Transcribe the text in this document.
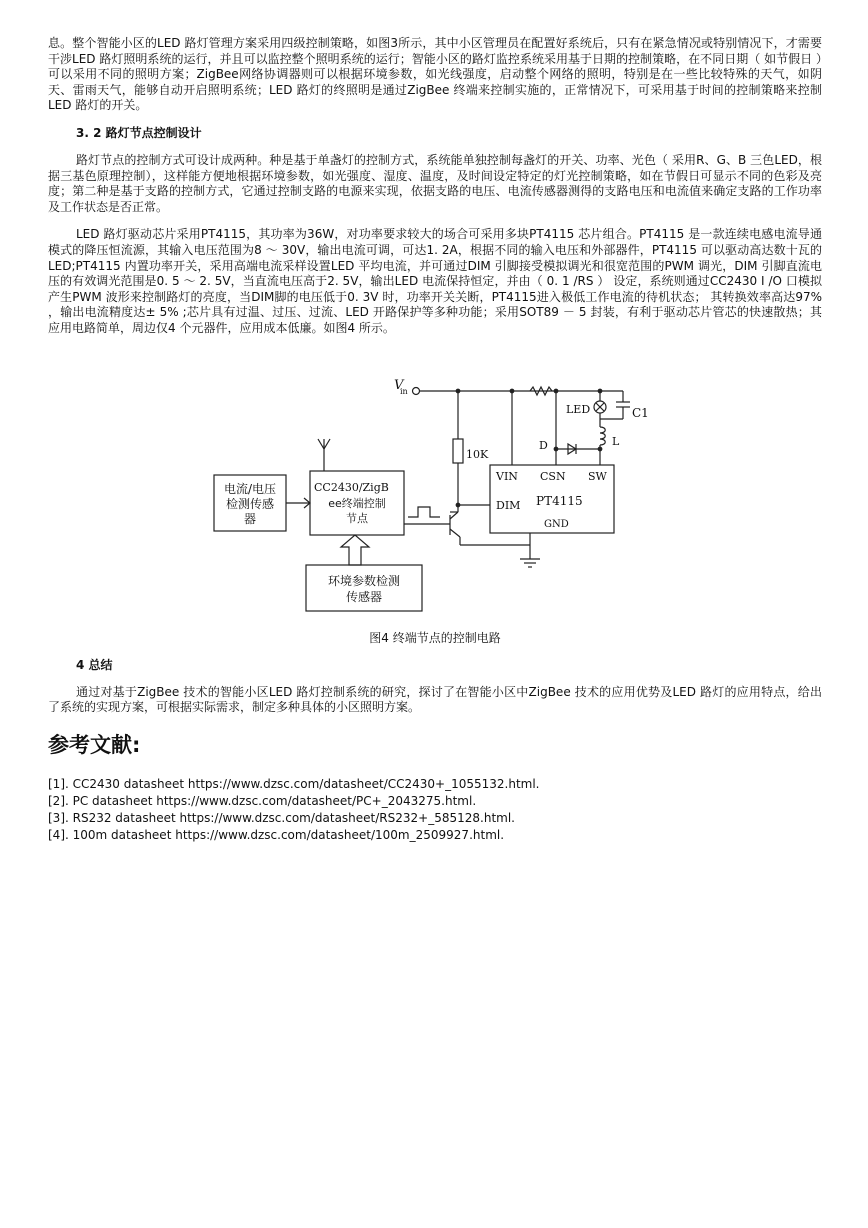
息。整个智能小区的LED 路灯管理方案采用四级控制策略，如图3所示，其中小区管理员在配置好系统后，只有在紧急情况或特别情况下，才需要干涉LED 路灯照明系统的运行，并且可以监控整个照明系统的运行；智能小区的路灯监控系统采用基于日期的控制策略，在不同日期（ 如节假日 ）可以采用不同的照明方案；ZigBee网络协调器则可以根据环境参数，如光线强度，启动整个网络的照明，特别是在一些比较特殊的天气，如阴天、雷雨天气，能够自动开启照明系统；LED 路灯的终照明是通过ZigBee 终端来控制实施的，正常情况下，可采用基于时间的控制策略来控制LED 路灯的开关。

3. 2 路灯节点控制设计

路灯节点的控制方式可设计成两种。种是基于单盏灯的控制方式，系统能单独控制每盏灯的开关、功率、光色（ 采用R、G、B 三色LED，根据三基色原理控制），这样能方便地根据环境参数，如光强度、湿度、温度，及时间设定特定的灯光控制策略，如在节假日可显示不同的色彩及亮度；第二种是基于支路的控制方式，它通过控制支路的电源来实现，依据支路的电压、电流传感器测得的支路电压和电流值来确定支路的工作功率及工作状态是否正常。

LED 路灯驱动芯片采用PT4115，其功率为36W，对功率要求较大的场合可采用多块PT4115 芯片组合。PT4115 是一款连续电感电流导通模式的降压恒流源，其输入电压范围为8 ～ 30V，输出电流可调，可达1. 2A，根据不同的输入电压和外部器件，PT4115 可以驱动高达数十瓦的LED;PT4115 内置功率开关，采用高端电流采样设置LED 平均电流，并可通过DIM 引脚接受模拟调光和很宽范围的PWM 调光，DIM 引脚直流电压的有效调光范围是0. 5 ～ 2. 5V，当直流电压高于2. 5V，输出LED 电流保持恒定，并由（ 0. 1 /RS ） 设定，系统则通过CC2430 I /O 口模拟产生PWM 波形来控制路灯的亮度，当DIM脚的电压低于0. 3V 时，功率开关关断，PT4115进入极低工作电流的待机状态； 其转换效率高达97% ，输出电流精度达± 5% ;芯片具有过温、过压、过流、LED 开路保护等多种功能；采用SOT89 － 5 封装，有利于驱动芯片管芯的快速散热；其应用电路简单，周边仅4 个元器件，应用成本低廉。如图4 所示。

V
in
LED	C1
L
D
10K
VIN CSN SW
DIM PT4115
GND
CC2430/ZigB
电流/电压
检测传感
器
ee终端控制
节点
环境参数检测
传感器
图4 终端节点的控制电路
4 总结

通过对基于ZigBee 技术的智能小区LED 路灯控制系统的研究，探讨了在智能小区中ZigBee 技术的应用优势及LED 路灯的应用特点，给出了系统的实现方案，可根据实际需求，制定多种具体的小区照明方案。

参考文献:
[1]. CC2430 datasheet https://www.dzsc.com/datasheet/CC2430+_1055132.html.
[2]. PC datasheet https://www.dzsc.com/datasheet/PC+_2043275.html.
[3]. RS232 datasheet https://www.dzsc.com/datasheet/RS232+_585128.html.
[4]. 100m datasheet https://www.dzsc.com/datasheet/100m_2509927.html.
